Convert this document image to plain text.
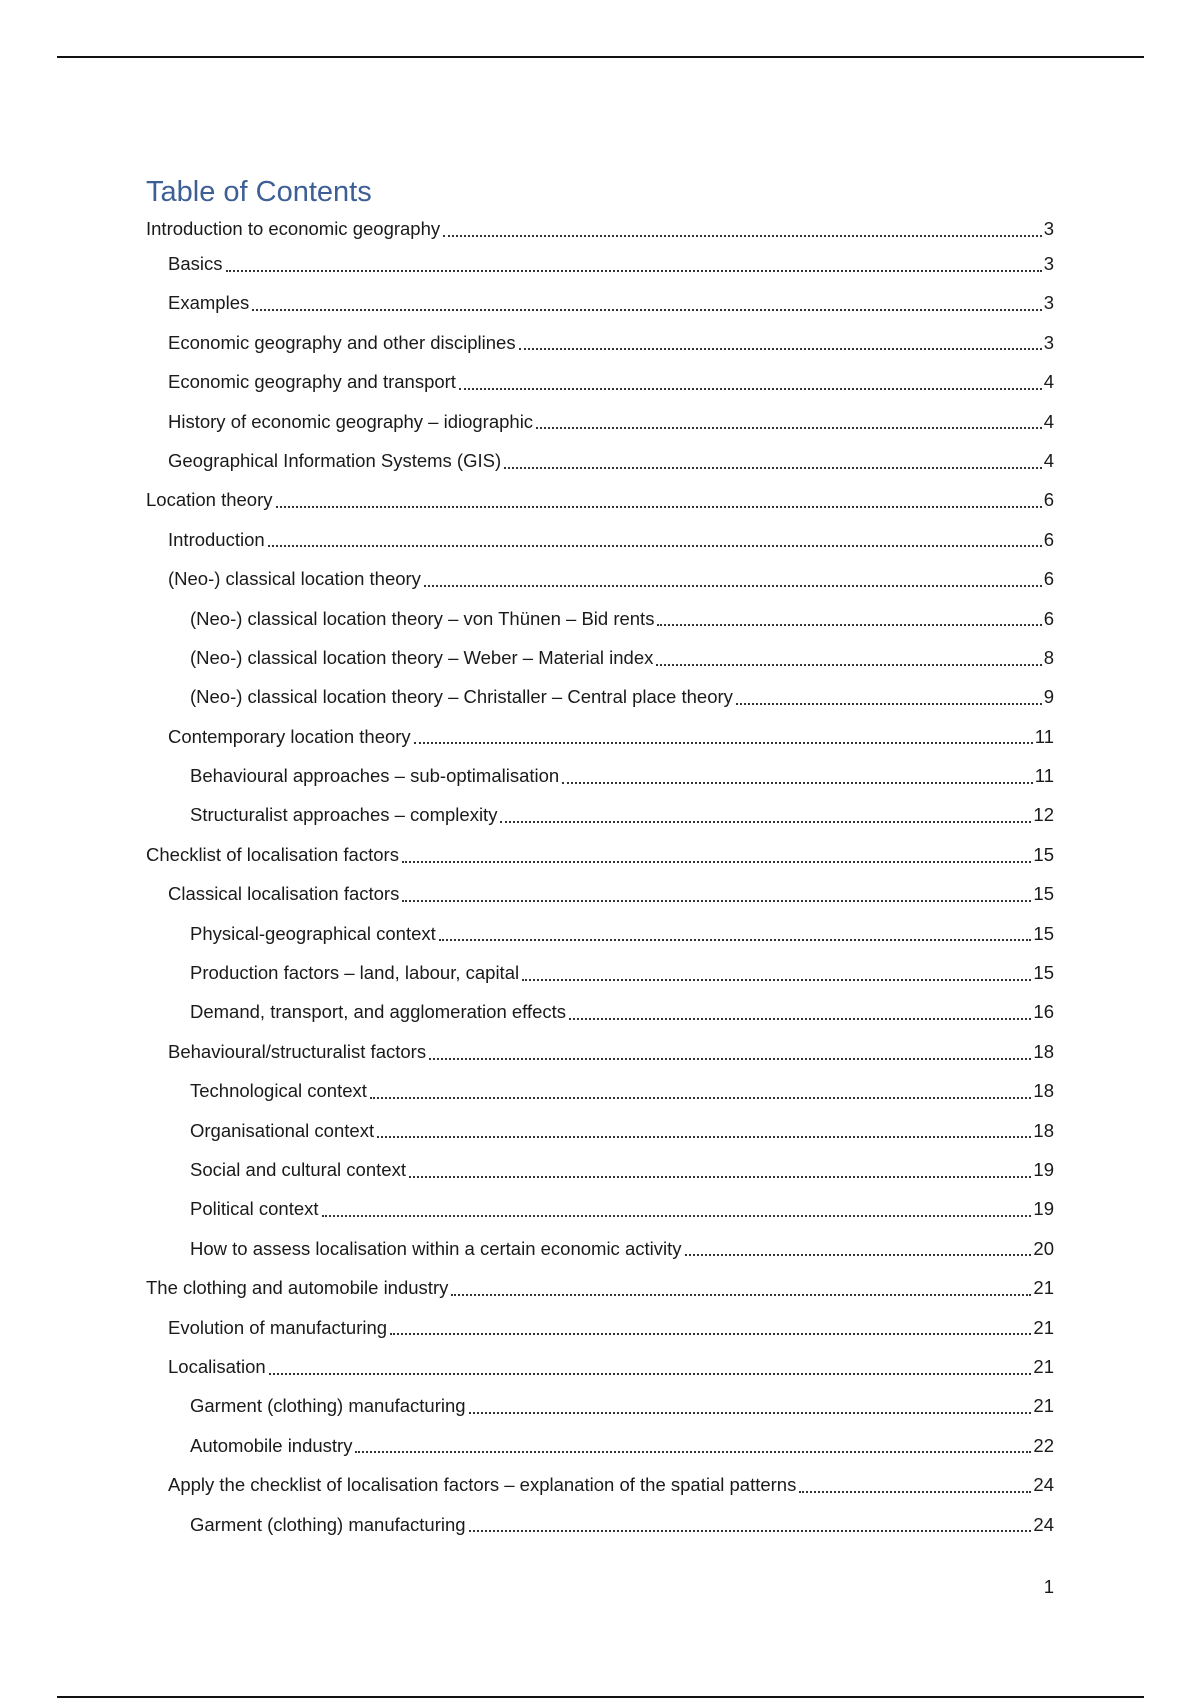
Table of Contents
Introduction to economic geography	3
Basics	3
Examples	3
Economic geography and other disciplines	3
Economic geography and transport	4
History of economic geography – idiographic	4
Geographical Information Systems (GIS)	4
Location theory	6
Introduction	6
(Neo-) classical location theory	6
(Neo-) classical location theory – von Thünen – Bid rents	6
(Neo-) classical location theory – Weber – Material index	8
(Neo-) classical location theory – Christaller – Central place theory	9
Contemporary location theory	11
Behavioural approaches – sub-optimalisation	11
Structuralist approaches – complexity	12
Checklist of localisation factors	15
Classical localisation factors	15
Physical-geographical context	15
Production factors – land, labour, capital	15
Demand, transport, and agglomeration effects	16
Behavioural/structuralist factors	18
Technological context	18
Organisational context	18
Social and cultural context	19
Political context	19
How to assess localisation within a certain economic activity	20
The clothing and automobile industry	21
Evolution of manufacturing	21
Localisation	21
Garment (clothing) manufacturing	21
Automobile industry	22
Apply the checklist of localisation factors – explanation of the spatial patterns	24
Garment (clothing) manufacturing	24
1
